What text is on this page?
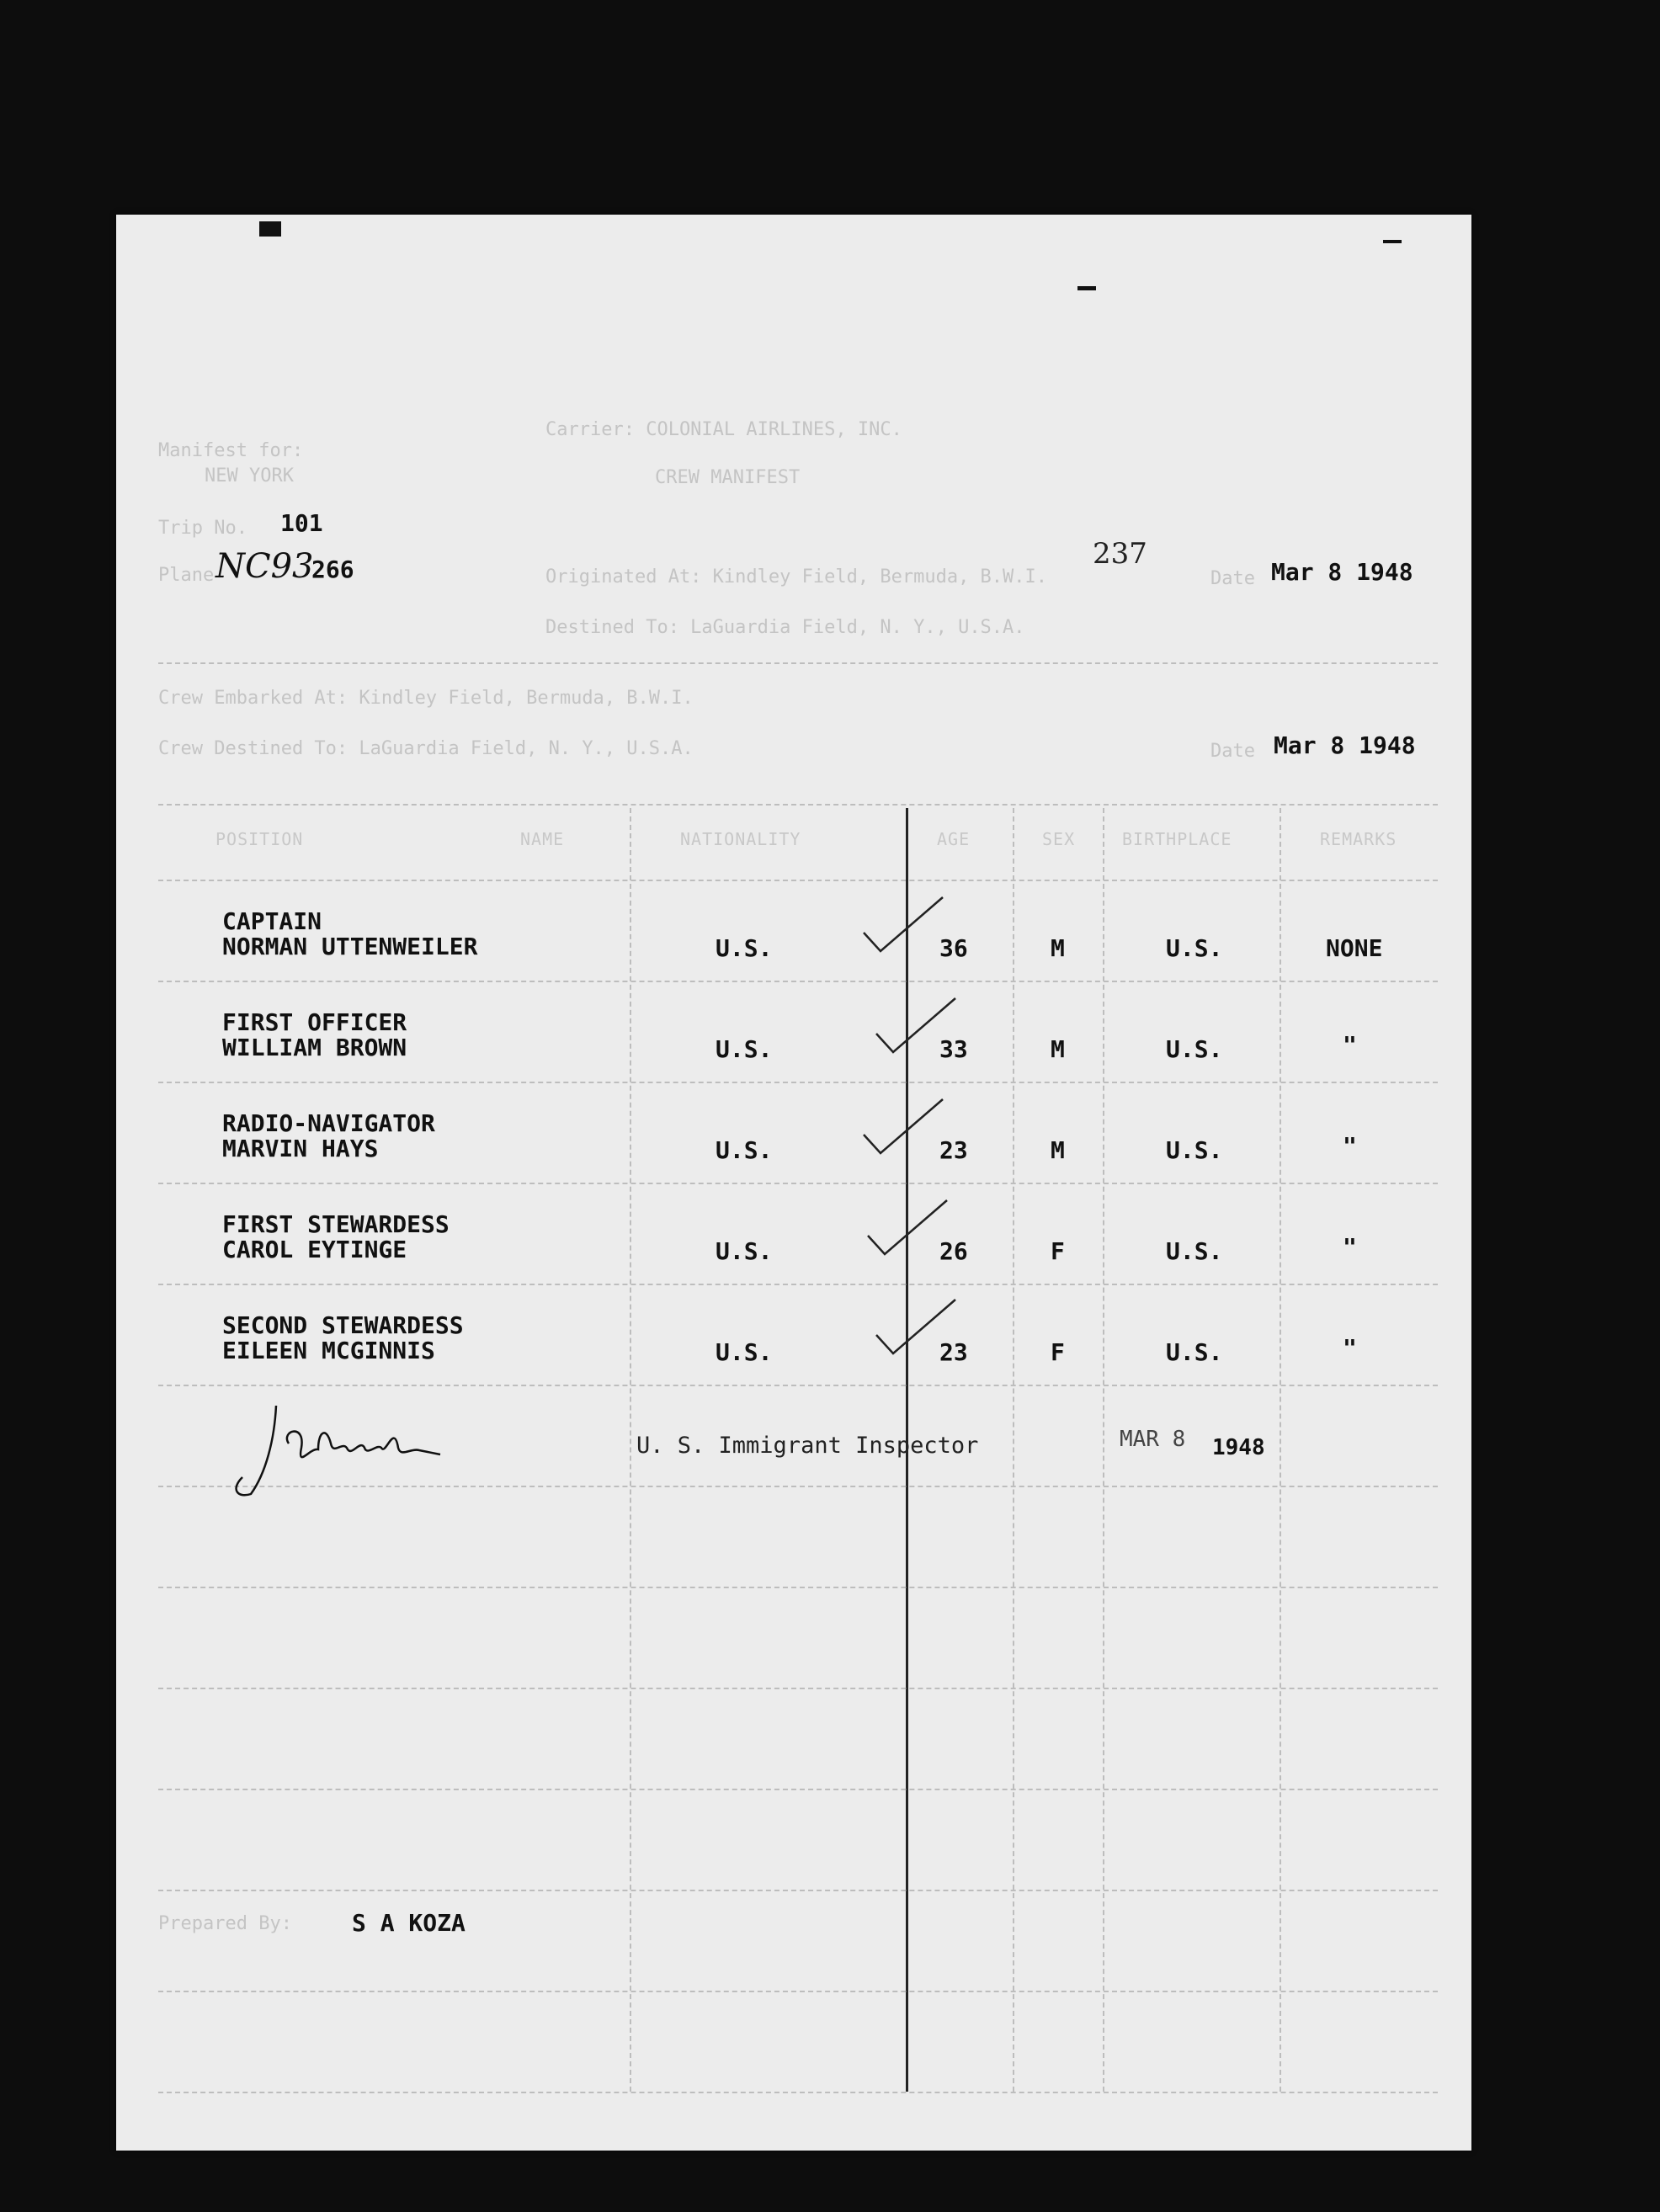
Manifest for:
NEW YORK
Carrier: COLONIAL AIRLINES, INC.
CREW MANIFEST
Trip No. 101
Plane NC93
266	Originated At: Kindley Field, Bermuda, B.W.I.
Destined To: LaGuardia Field, N. Y., U.S.A.
237
Date Mar 8 1948
Crew Embarked At: Kindley Field, Bermuda, B.W.I.
Crew Destined To: LaGuardia Field, N. Y., U.S.A.	Date Mar 8 1948
POSITION	NAME	NATIONALITY	AGE	SEX	BIRTHPLACE	REMARKS
CAPTAIN
NORMAN UTTENWEILER	U.S.	36	M	U.S.	NONE
FIRST OFFICER
WILLIAM BROWN	U.S.	33	M	U.S.	"
RADIO-NAVIGATOR
MARVIN HAYS	U.S.	23	M	U.S.	"
FIRST STEWARDESS
CAROL EYTINGE	U.S.	26	F	U.S.	"
SECOND STEWARDESS
EILEEN MCGINNIS	U.S.	23	F	U.S.	"
U. S. Immigrant Inspector	MAR 8 1948
Prepared By:	S A KOZA
